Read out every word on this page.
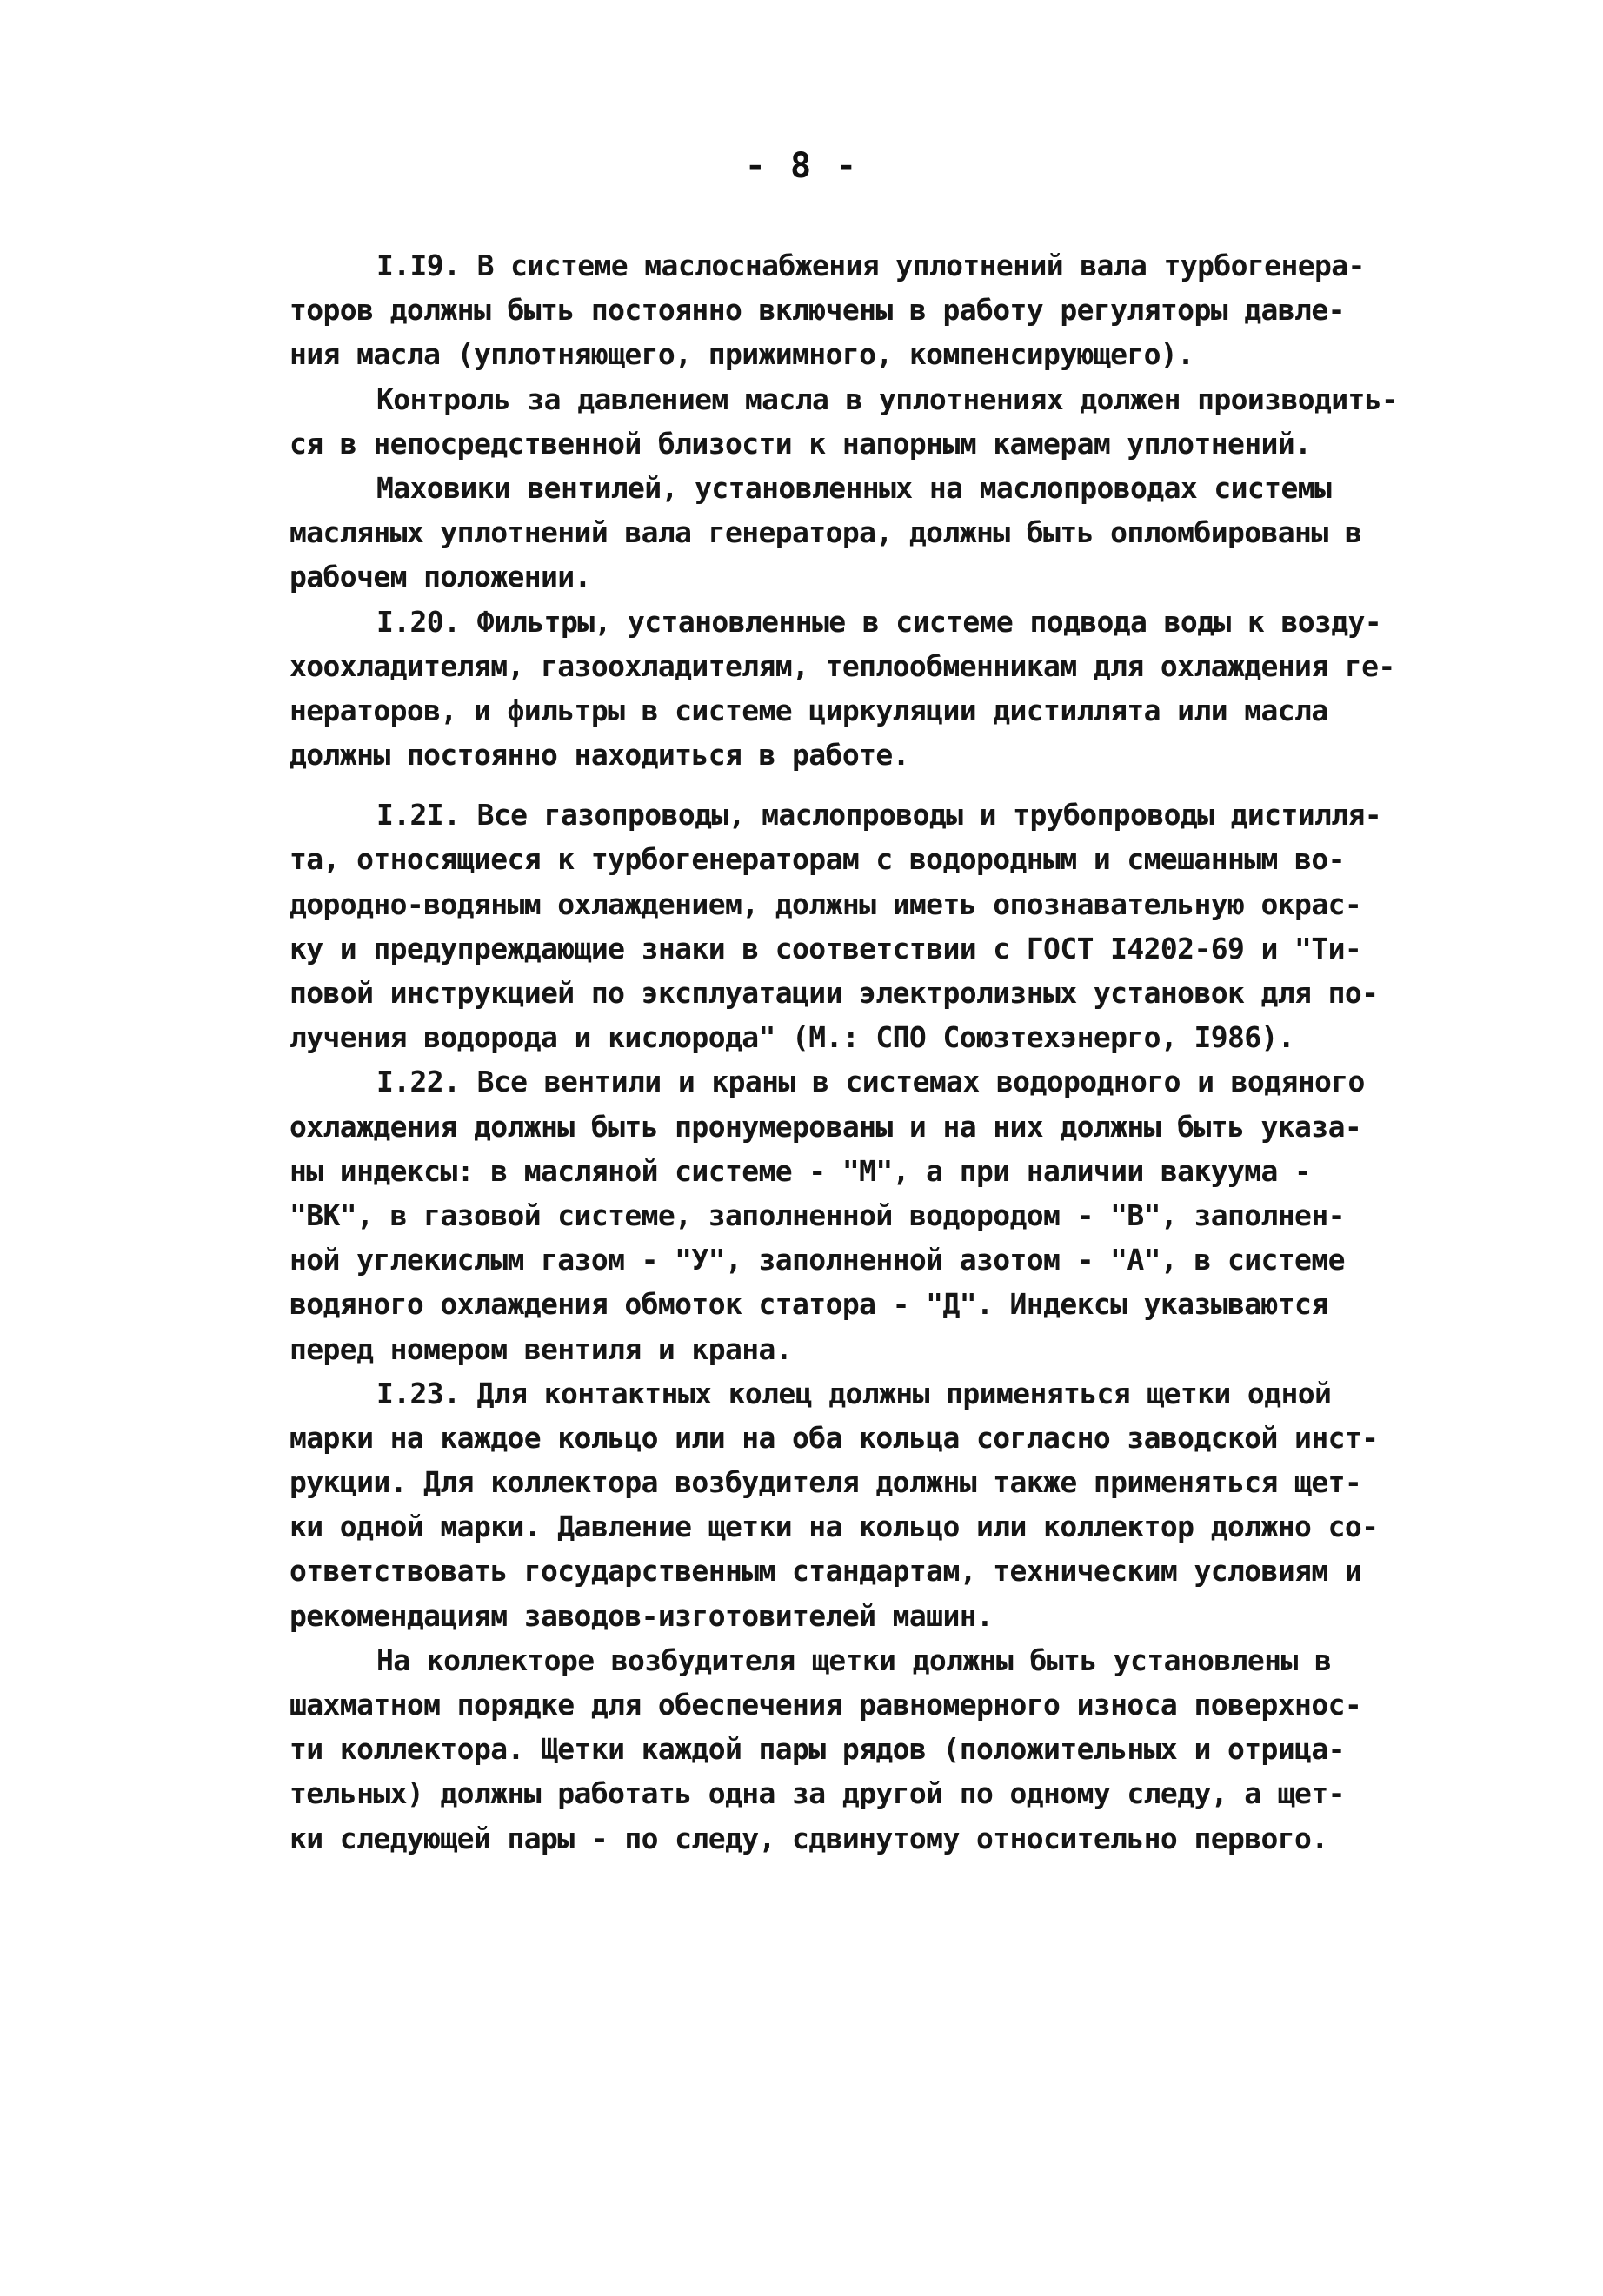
- 8 -
I.I9. В системе маслоснабжения уплотнений вала турбогенера-
торов должны быть постоянно включены в работу регуляторы давле-
ния масла (уплотняющего, прижимного, компенсирующего).
Контроль за давлением масла в уплотнениях должен производить-
ся в непосредственной близости к напорным камерам уплотнений.
Маховики вентилей, установленных на маслопроводах системы
масляных уплотнений вала генератора, должны быть опломбированы в
рабочем положении.
I.20. Фильтры, установленные в системе подвода воды к возду-
хоохладителям, газоохладителям, теплообменникам для охлаждения ге-
нераторов, и фильтры в системе циркуляции дистиллята или масла
должны постоянно находиться в работе.
I.2I. Все газопроводы, маслопроводы и трубопроводы дистилля-
та, относящиеся к турбогенераторам с водородным и смешанным во-
дородно-водяным охлаждением, должны иметь опознавательную окрас-
ку и предупреждающие знаки в соответствии с ГОСТ I4202-69 и "Ти-
повой инструкцией по эксплуатации электролизных установок для по-
лучения водорода и кислорода" (М.: СПО Союзтехэнерго, I986).
I.22. Все вентили и краны в системах водородного и водяного
охлаждения должны быть пронумерованы и на них должны быть указа-
ны индексы: в масляной системе - "М", а при наличии вакуума -
"ВК", в газовой системе, заполненной водородом - "В", заполнен-
ной углекислым газом - "У", заполненной азотом - "А", в системе
водяного охлаждения обмоток статора - "Д". Индексы указываются
перед номером вентиля и крана.
I.23. Для контактных колец должны применяться щетки одной
марки на каждое кольцо или на оба кольца согласно заводской инст-
рукции. Для коллектора возбудителя должны также применяться щет-
ки одной марки. Давление щетки на кольцо или коллектор должно со-
ответствовать государственным стандартам, техническим условиям и
рекомендациям заводов-изготовителей машин.
На коллекторе возбудителя щетки должны быть установлены в
шахматном порядке для обеспечения равномерного износа поверхнос-
ти коллектора. Щетки каждой пары рядов (положительных и отрица-
тельных) должны работать одна за другой по одному следу, а щет-
ки следующей пары - по следу, сдвинутому относительно первого.
